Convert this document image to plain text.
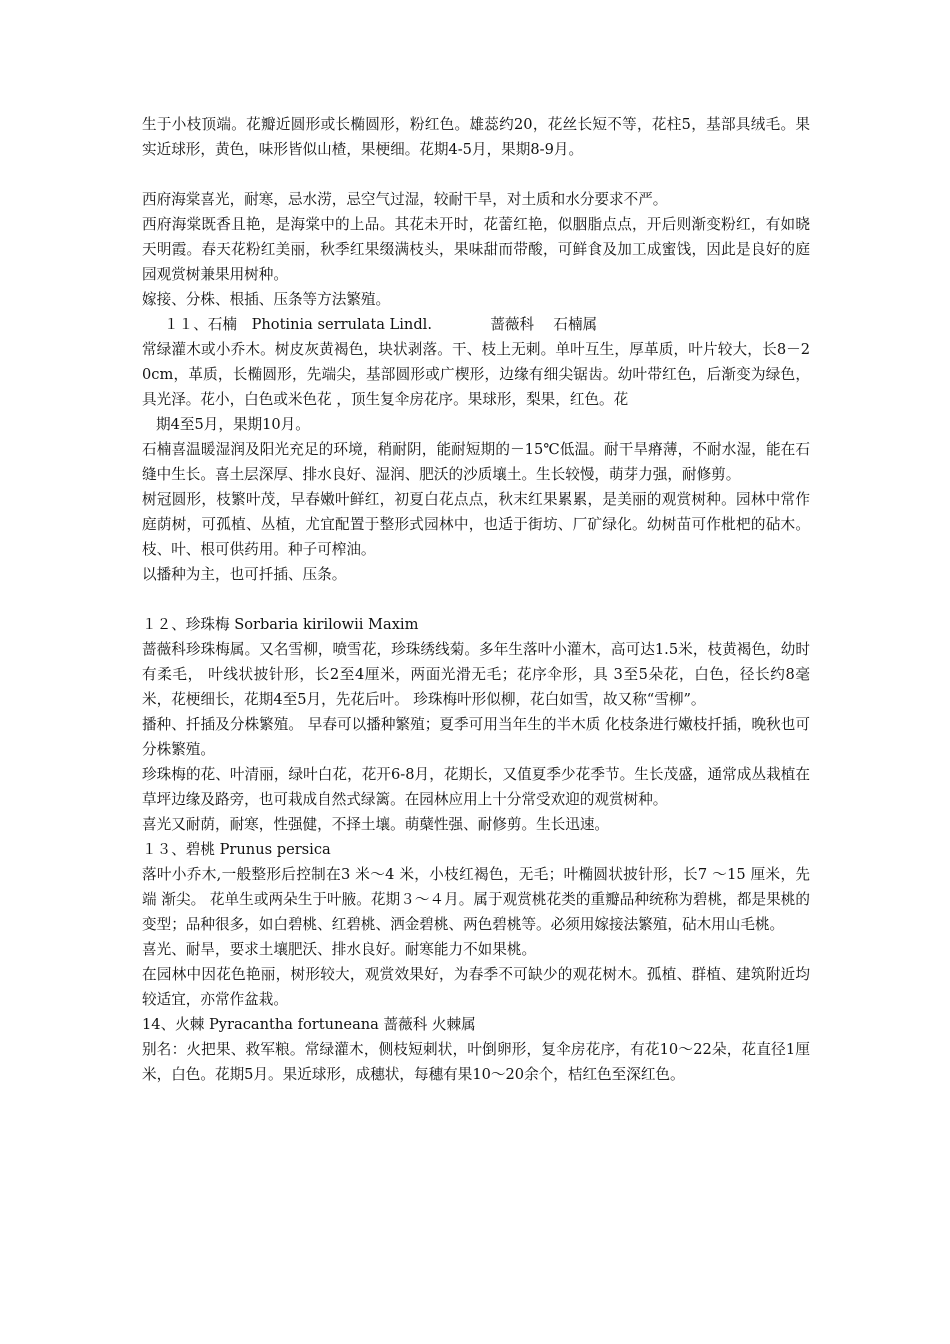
生于小枝顶端。花瓣近圆形或长椭圆形，粉红色。雄蕊约20，花丝长短不等，花柱5，基部具绒毛。果实近球形，黄色，味形皆似山楂，果梗细。花期4-5月，果期8-9月。

西府海棠喜光，耐寒，忌水涝，忌空气过湿，较耐干旱，对土质和水分要求不严。

西府海棠既香且艳，是海棠中的上品。其花未开时，花蕾红艳，似胭脂点点，开后则渐变粉红，有如晓天明霞。春天花粉红美丽，秋季红果缀满枝头，果味甜而带酸，可鲜食及加工成蜜饯，因此是良好的庭园观赏树兼果用树种。

嫁接、分株、根插、压条等方法繁殖。

１１、石楠　Photinia serrulata Lindl.　　　　蔷薇科　 石楠属

常绿灌木或小乔木。树皮灰黄褐色，块状剥落。干、枝上无刺。单叶互生，厚革质，叶片较大，长8－20cm，革质，长椭圆形，先端尖，基部圆形或广楔形，边缘有细尖锯齿。幼叶带红色，后渐变为绿色，具光泽。花小，白色或米色花 ，顶生复伞房花序。果球形，梨果，红色。花

期4至5月，果期10月。

石楠喜温暖湿润及阳光充足的环境，稍耐阴，能耐短期的－15℃低温。耐干旱瘠薄，不耐水湿，能在石缝中生长。喜土层深厚、排水良好、湿润、肥沃的沙质壤土。生长较慢，萌芽力强，耐修剪。

树冠圆形，枝繁叶茂，早春嫩叶鲜红，初夏白花点点，秋末红果累累，是美丽的观赏树种。园林中常作庭荫树，可孤植、丛植，尤宜配置于整形式园林中，也适于街坊、厂矿绿化。幼树苗可作枇杷的砧木。枝、叶、根可供药用。种子可榨油。

以播种为主，也可扦插、压条。

１２、珍珠梅 Sorbaria kirilowii Maxim

蔷薇科珍珠梅属。又名雪柳，喷雪花，珍珠绣线菊。多年生落叶小灌木，高可达1.5米，枝黄褐色，幼时有柔毛， 叶线状披针形，长2至4厘米，两面光滑无毛；花序伞形，具 3至5朵花，白色，径长约8毫米，花梗细长，花期4至5月，先花后叶。 珍珠梅叶形似柳，花白如雪，故又称“雪柳”。

播种、扦插及分株繁殖。 早春可以播种繁殖；夏季可用当年生的半木质 化枝条进行嫩枝扦插，晚秋也可分株繁殖。

珍珠梅的花、叶清丽，绿叶白花，花开6-8月，花期长，又值夏季少花季节。生长茂盛，通常成丛栽植在草坪边缘及路旁，也可栽成自然式绿篱。在园林应用上十分常受欢迎的观赏树种。

喜光又耐荫，耐寒，性强健，不择土壤。萌蘖性强、耐修剪。生长迅速。

１３、碧桃 Prunus persica

落叶小乔木,一般整形后控制在3 米～4 米，小枝红褐色，无毛；叶椭圆状披针形，长7 ～15 厘米，先 端 渐尖。 花单生或两朵生于叶腋。花期３～４月。属于观赏桃花类的重瓣品种统称为碧桃，都是果桃的变型；品种很多，如白碧桃、红碧桃、洒金碧桃、两色碧桃等。必须用嫁接法繁殖，砧木用山毛桃。

喜光、耐旱，要求土壤肥沃、排水良好。耐寒能力不如果桃。

在园林中因花色艳丽，树形较大，观赏效果好，为春季不可缺少的观花树木。孤植、群植、建筑附近均较适宜，亦常作盆栽。

14、火棘 Pyracantha fortuneana 蔷薇科 火棘属

别名：火把果、救军粮。常绿灌木，侧枝短刺状，叶倒卵形，复伞房花序，有花10～22朵，花直径1厘米，白色。花期5月。果近球形，成穗状，每穗有果10～20余个，桔红色至深红色。
